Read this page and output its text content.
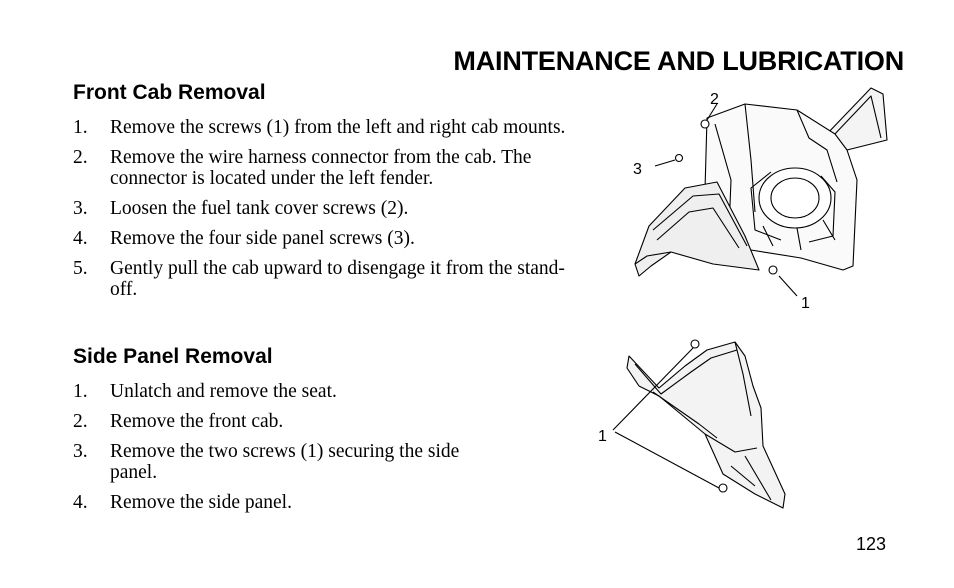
MAINTENANCE AND LUBRICATION
Front Cab Removal
1. Remove the screws (1) from the left and right cab mounts.
2. Remove the wire harness connector from the cab. The connector is located under the left fender.
3. Loosen the fuel tank cover screws (2).
4. Remove the four side panel screws (3).
5. Gently pull the cab upward to disengage it from the stand-off.
Side Panel Removal
1. Unlatch and remove the seat.
2. Remove the front cab.
3. Remove the two screws (1) securing the side panel.
4. Remove the side panel.
2
3
1
1
123
